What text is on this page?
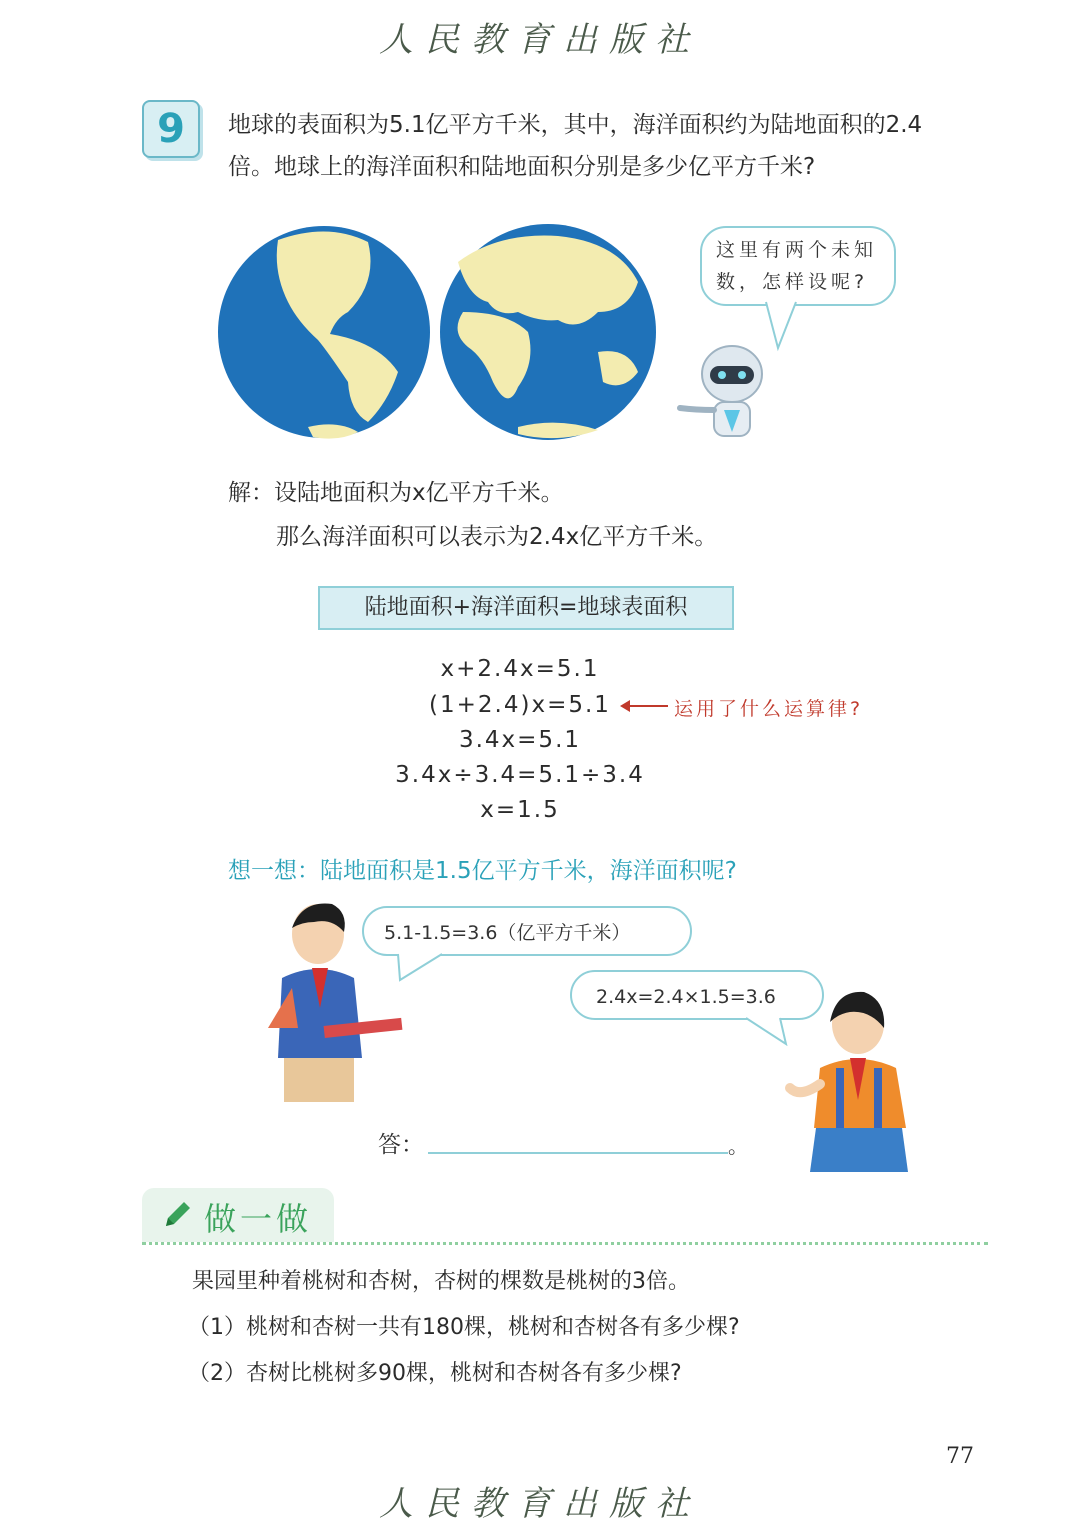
人民教育出版社
9	地球的表面积为5.1亿平方千米，其中，海洋面积约为陆地面积的2.4
倍。地球上的海洋面积和陆地面积分别是多少亿平方千米?
这里有两个未知
数，怎样设呢?
解：设陆地面积为x亿平方千米。
那么海洋面积可以表示为2.4x亿平方千米。
陆地面积+海洋面积=地球表面积
x+2.4x=5.1
(1+2.4)x=5.1
3.4x=5.1
3.4x÷3.4=5.1÷3.4
x=1.5
运用了什么运算律?
想一想：陆地面积是1.5亿平方千米，海洋面积呢?
5.1-1.5=3.6（亿平方千米）
2.4x=2.4×1.5=3.6
答：	。
做一做
果园里种着桃树和杏树，杏树的棵数是桃树的3倍。
（1）桃树和杏树一共有180棵，桃树和杏树各有多少棵?
（2）杏树比桃树多90棵，桃树和杏树各有多少棵?
77
人民教育出版社
